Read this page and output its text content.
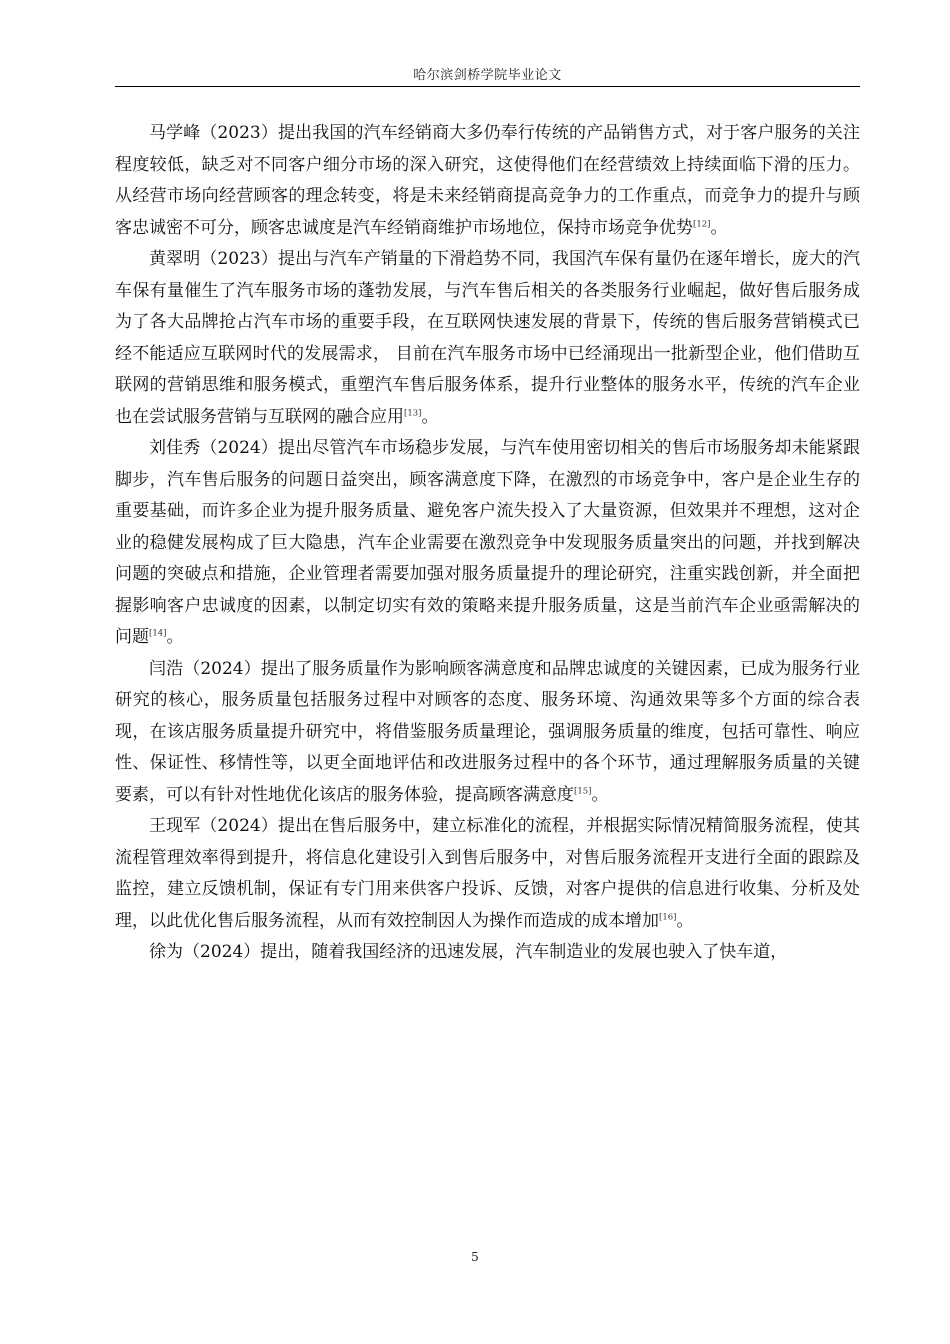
哈尔滨剑桥学院毕业论文

马学峰（2023）提出我国的汽车经销商大多仍奉行传统的产品销售方式，对于客户服务的关注程度较低，缺乏对不同客户细分市场的深入研究，这使得他们在经营绩效上持续面临下滑的压力。从经营市场向经营顾客的理念转变，将是未来经销商提高竞争力的工作重点，而竞争力的提升与顾客忠诚密不可分，顾客忠诚度是汽车经销商维护市场地位，保持市场竞争优势[12]。

黄翠明（2023）提出与汽车产销量的下滑趋势不同，我国汽车保有量仍在逐年增长，庞大的汽车保有量催生了汽车服务市场的蓬勃发展，与汽车售后相关的各类服务行业崛起，做好售后服务成为了各大品牌抢占汽车市场的重要手段，在互联网快速发展的背景下，传统的售后服务营销模式已经不能适应互联网时代的发展需求， 目前在汽车服务市场中已经涌现出一批新型企业，他们借助互联网的营销思维和服务模式，重塑汽车售后服务体系，提升行业整体的服务水平，传统的汽车企业也在尝试服务营销与互联网的融合应用[13]。

刘佳秀（2024）提出尽管汽车市场稳步发展，与汽车使用密切相关的售后市场服务却未能紧跟脚步，汽车售后服务的问题日益突出，顾客满意度下降，在激烈的市场竞争中，客户是企业生存的重要基础，而许多企业为提升服务质量、避免客户流失投入了大量资源，但效果并不理想，这对企业的稳健发展构成了巨大隐患，汽车企业需要在激烈竞争中发现服务质量突出的问题，并找到解决问题的突破点和措施，企业管理者需要加强对服务质量提升的理论研究，注重实践创新，并全面把握影响客户忠诚度的因素，以制定切实有效的策略来提升服务质量，这是当前汽车企业亟需解决的问题[14]。

闫浩（2024）提出了服务质量作为影响顾客满意度和品牌忠诚度的关键因素，已成为服务行业研究的核心，服务质量包括服务过程中对顾客的态度、服务环境、沟通效果等多个方面的综合表现，在该店服务质量提升研究中，将借鉴服务质量理论，强调服务质量的维度，包括可靠性、响应性、保证性、移情性等，以更全面地评估和改进服务过程中的各个环节，通过理解服务质量的关键要素，可以有针对性地优化该店的服务体验，提高顾客满意度[15]。

王现军（2024）提出在售后服务中，建立标准化的流程，并根据实际情况精简服务流程，使其流程管理效率得到提升，将信息化建设引入到售后服务中，对售后服务流程开支进行全面的跟踪及监控，建立反馈机制，保证有专门用来供客户投诉、反馈，对客户提供的信息进行收集、分析及处理，以此优化售后服务流程，从而有效控制因人为操作而造成的成本增加[16]。

徐为（2024）提出，随着我国经济的迅速发展，汽车制造业的发展也驶入了快车道，

5
